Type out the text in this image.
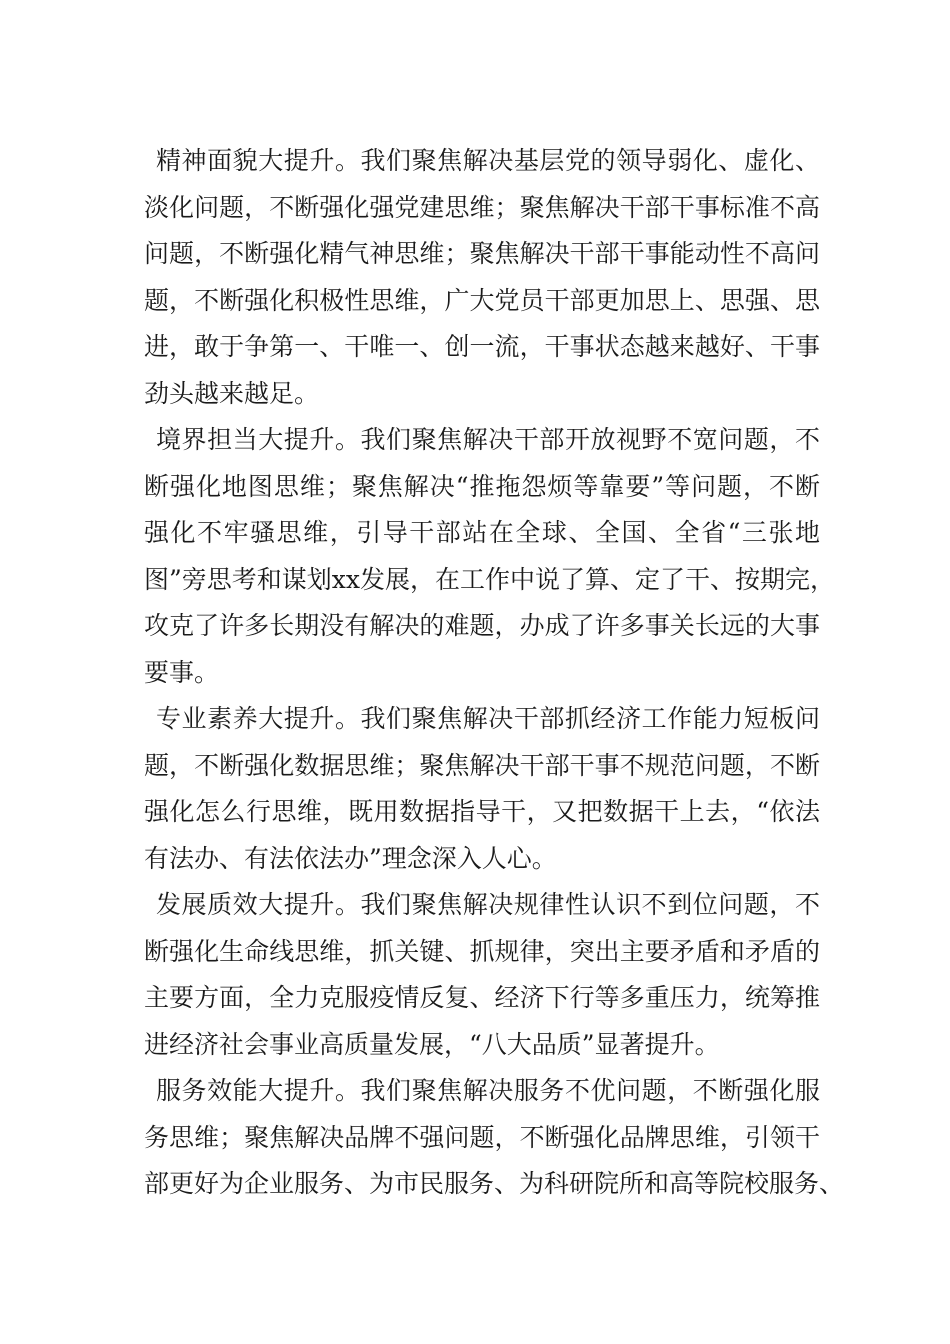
精神面貌大提升。我们聚焦解决基层党的领导弱化、虚化、
淡化问题，不断强化强党建思维；聚焦解决干部干事标准不高
问题，不断强化精气神思维；聚焦解决干部干事能动性不高问
题，不断强化积极性思维，广大党员干部更加思上、思强、思
进，敢于争第一、干唯一、创一流，干事状态越来越好、干事
劲头越来越足。
境界担当大提升。我们聚焦解决干部开放视野不宽问题，不
断强化地图思维；聚焦解决“推拖怨烦等靠要”等问题，不断
强化不牢骚思维，引导干部站在全球、全国、全省“三张地
图”旁思考和谋划xx发展，在工作中说了算、定了干、按期完，
攻克了许多长期没有解决的难题，办成了许多事关长远的大事
要事。
专业素养大提升。我们聚焦解决干部抓经济工作能力短板问
题，不断强化数据思维；聚焦解决干部干事不规范问题，不断
强化怎么行思维，既用数据指导干，又把数据干上去，“依法
有法办、有法依法办”理念深入人心。
发展质效大提升。我们聚焦解决规律性认识不到位问题，不
断强化生命线思维，抓关键、抓规律，突出主要矛盾和矛盾的
主要方面，全力克服疫情反复、经济下行等多重压力，统筹推
进经济社会事业高质量发展，“八大品质”显著提升。
服务效能大提升。我们聚焦解决服务不优问题，不断强化服
务思维；聚焦解决品牌不强问题，不断强化品牌思维，引领干
部更好为企业服务、为市民服务、为科研院所和高等院校服务、
